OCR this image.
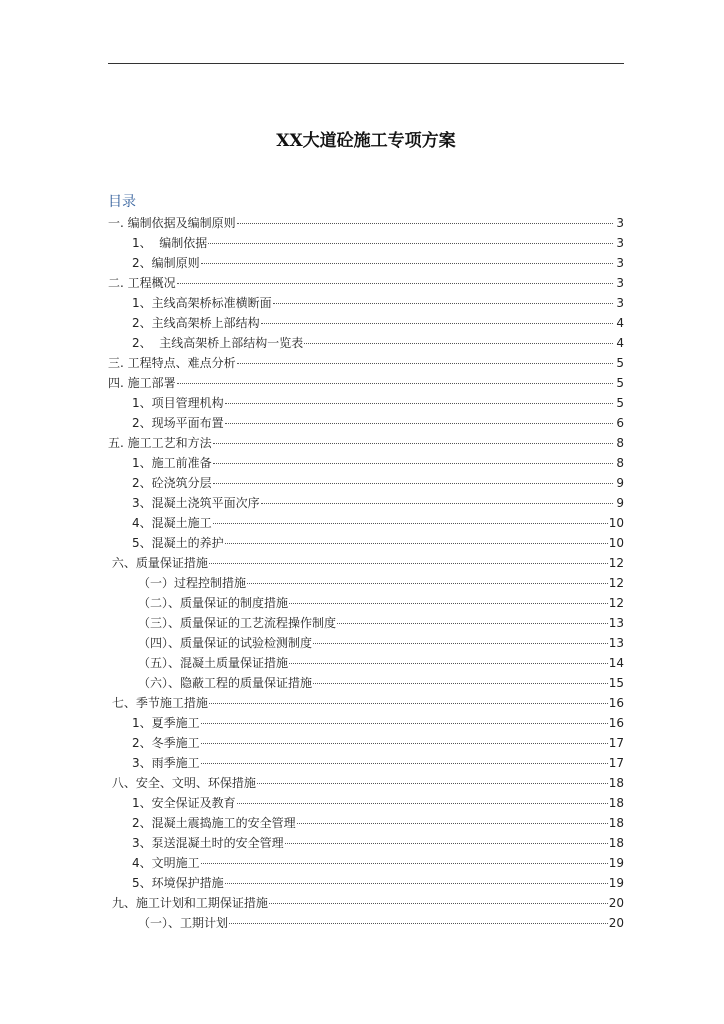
XX大道砼施工专项方案
目录
一. 编制依据及编制原则	3
1、  编制依据	3
2、编制原则	3
二. 工程概况	3
1、主线高架桥标准横断面	3
2、主线高架桥上部结构	4
2、  主线高架桥上部结构一览表	4
三. 工程特点、难点分析	5
四. 施工部署	5
1、项目管理机构	5
2、现场平面布置	6
五. 施工工艺和方法	8
1、施工前准备	8
2、砼浇筑分层	9
3、混凝土浇筑平面次序	9
4、混凝土施工	10
5、混凝土的养护	10
六、质量保证措施	12
（一）过程控制措施	12
（二）、质量保证的制度措施	12
（三）、质量保证的工艺流程操作制度	13
（四）、质量保证的试验检测制度	13
（五）、混凝土质量保证措施	14
（六）、隐蔽工程的质量保证措施	15
七、季节施工措施	16
1、夏季施工	16
2、冬季施工	17
3、雨季施工	17
八、安全、文明、环保措施	18
1、安全保证及教育	18
2、混凝土震捣施工的安全管理	18
3、泵送混凝土时的安全管理	18
4、文明施工	19
5、环境保护措施	19
九、施工计划和工期保证措施	20
（一）、工期计划	20
